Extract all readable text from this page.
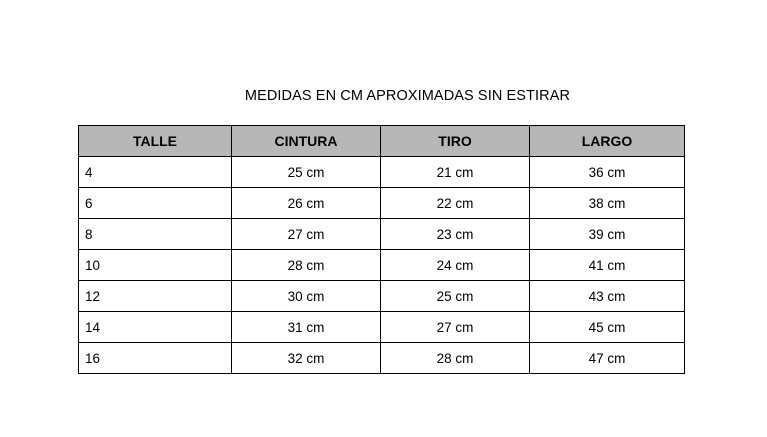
MEDIDAS EN CM APROXIMADAS SIN ESTIRAR
TALLE	CINTURA	TIRO	LARGO
4	25 cm	21 cm	36 cm
6	26 cm	22 cm	38 cm
8	27 cm	23 cm	39 cm
10	28 cm	24 cm	41 cm
12	30 cm	25 cm	43 cm
14	31 cm	27 cm	45 cm
16	32 cm	28 cm	47 cm
